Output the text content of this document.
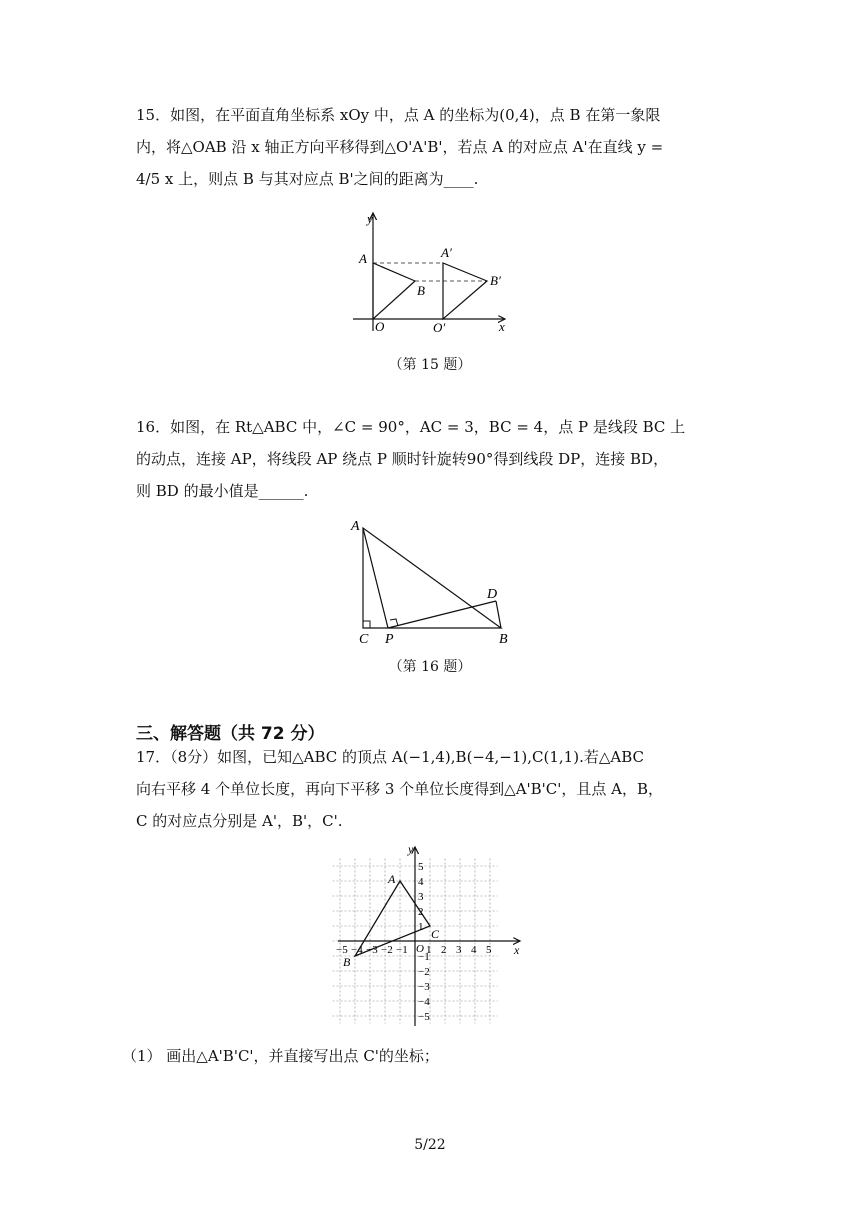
15．如图，在平面直角坐标系 xOy 中，点 A 的坐标为(0,4)，点 B 在第一象限
内，将△OAB 沿 x 轴正方向平移得到△O'A'B'，若点 A 的对应点 A'在直线 y =
4/5 x 上，则点 B 与其对应点 B'之间的距离为____.
y
A
B
O	x
A′
B′
O′
（第 15 题）
16．如图，在 Rt△ABC 中，∠C = 90°，AC = 3，BC = 4，点 P 是线段 BC 上
的动点，连接 AP，将线段 AP 绕点 P 顺时针旋转90°得到线段 DP，连接 BD，
则 BD 的最小值是______.
A
C P
D
B
（第 16 题）
三、解答题（共 72 分）
17．（8分）如图，已知△ABC 的顶点 A(−1,4),B(−4,−1),C(1,1).若△ABC
向右平移 4 个单位长度，再向下平移 3 个单位长度得到△A'B'C'，且点 A，B，
C 的对应点分别是 A'，B'，C'.
−5 −4 −3 −2 −1 1 2 3 4 5
5
4
3
2
1
−1
−2
−3
−4
−5
y
x
O
A
B
C
（1） 画出△A'B'C'，并直接写出点 C'的坐标；
5/22
